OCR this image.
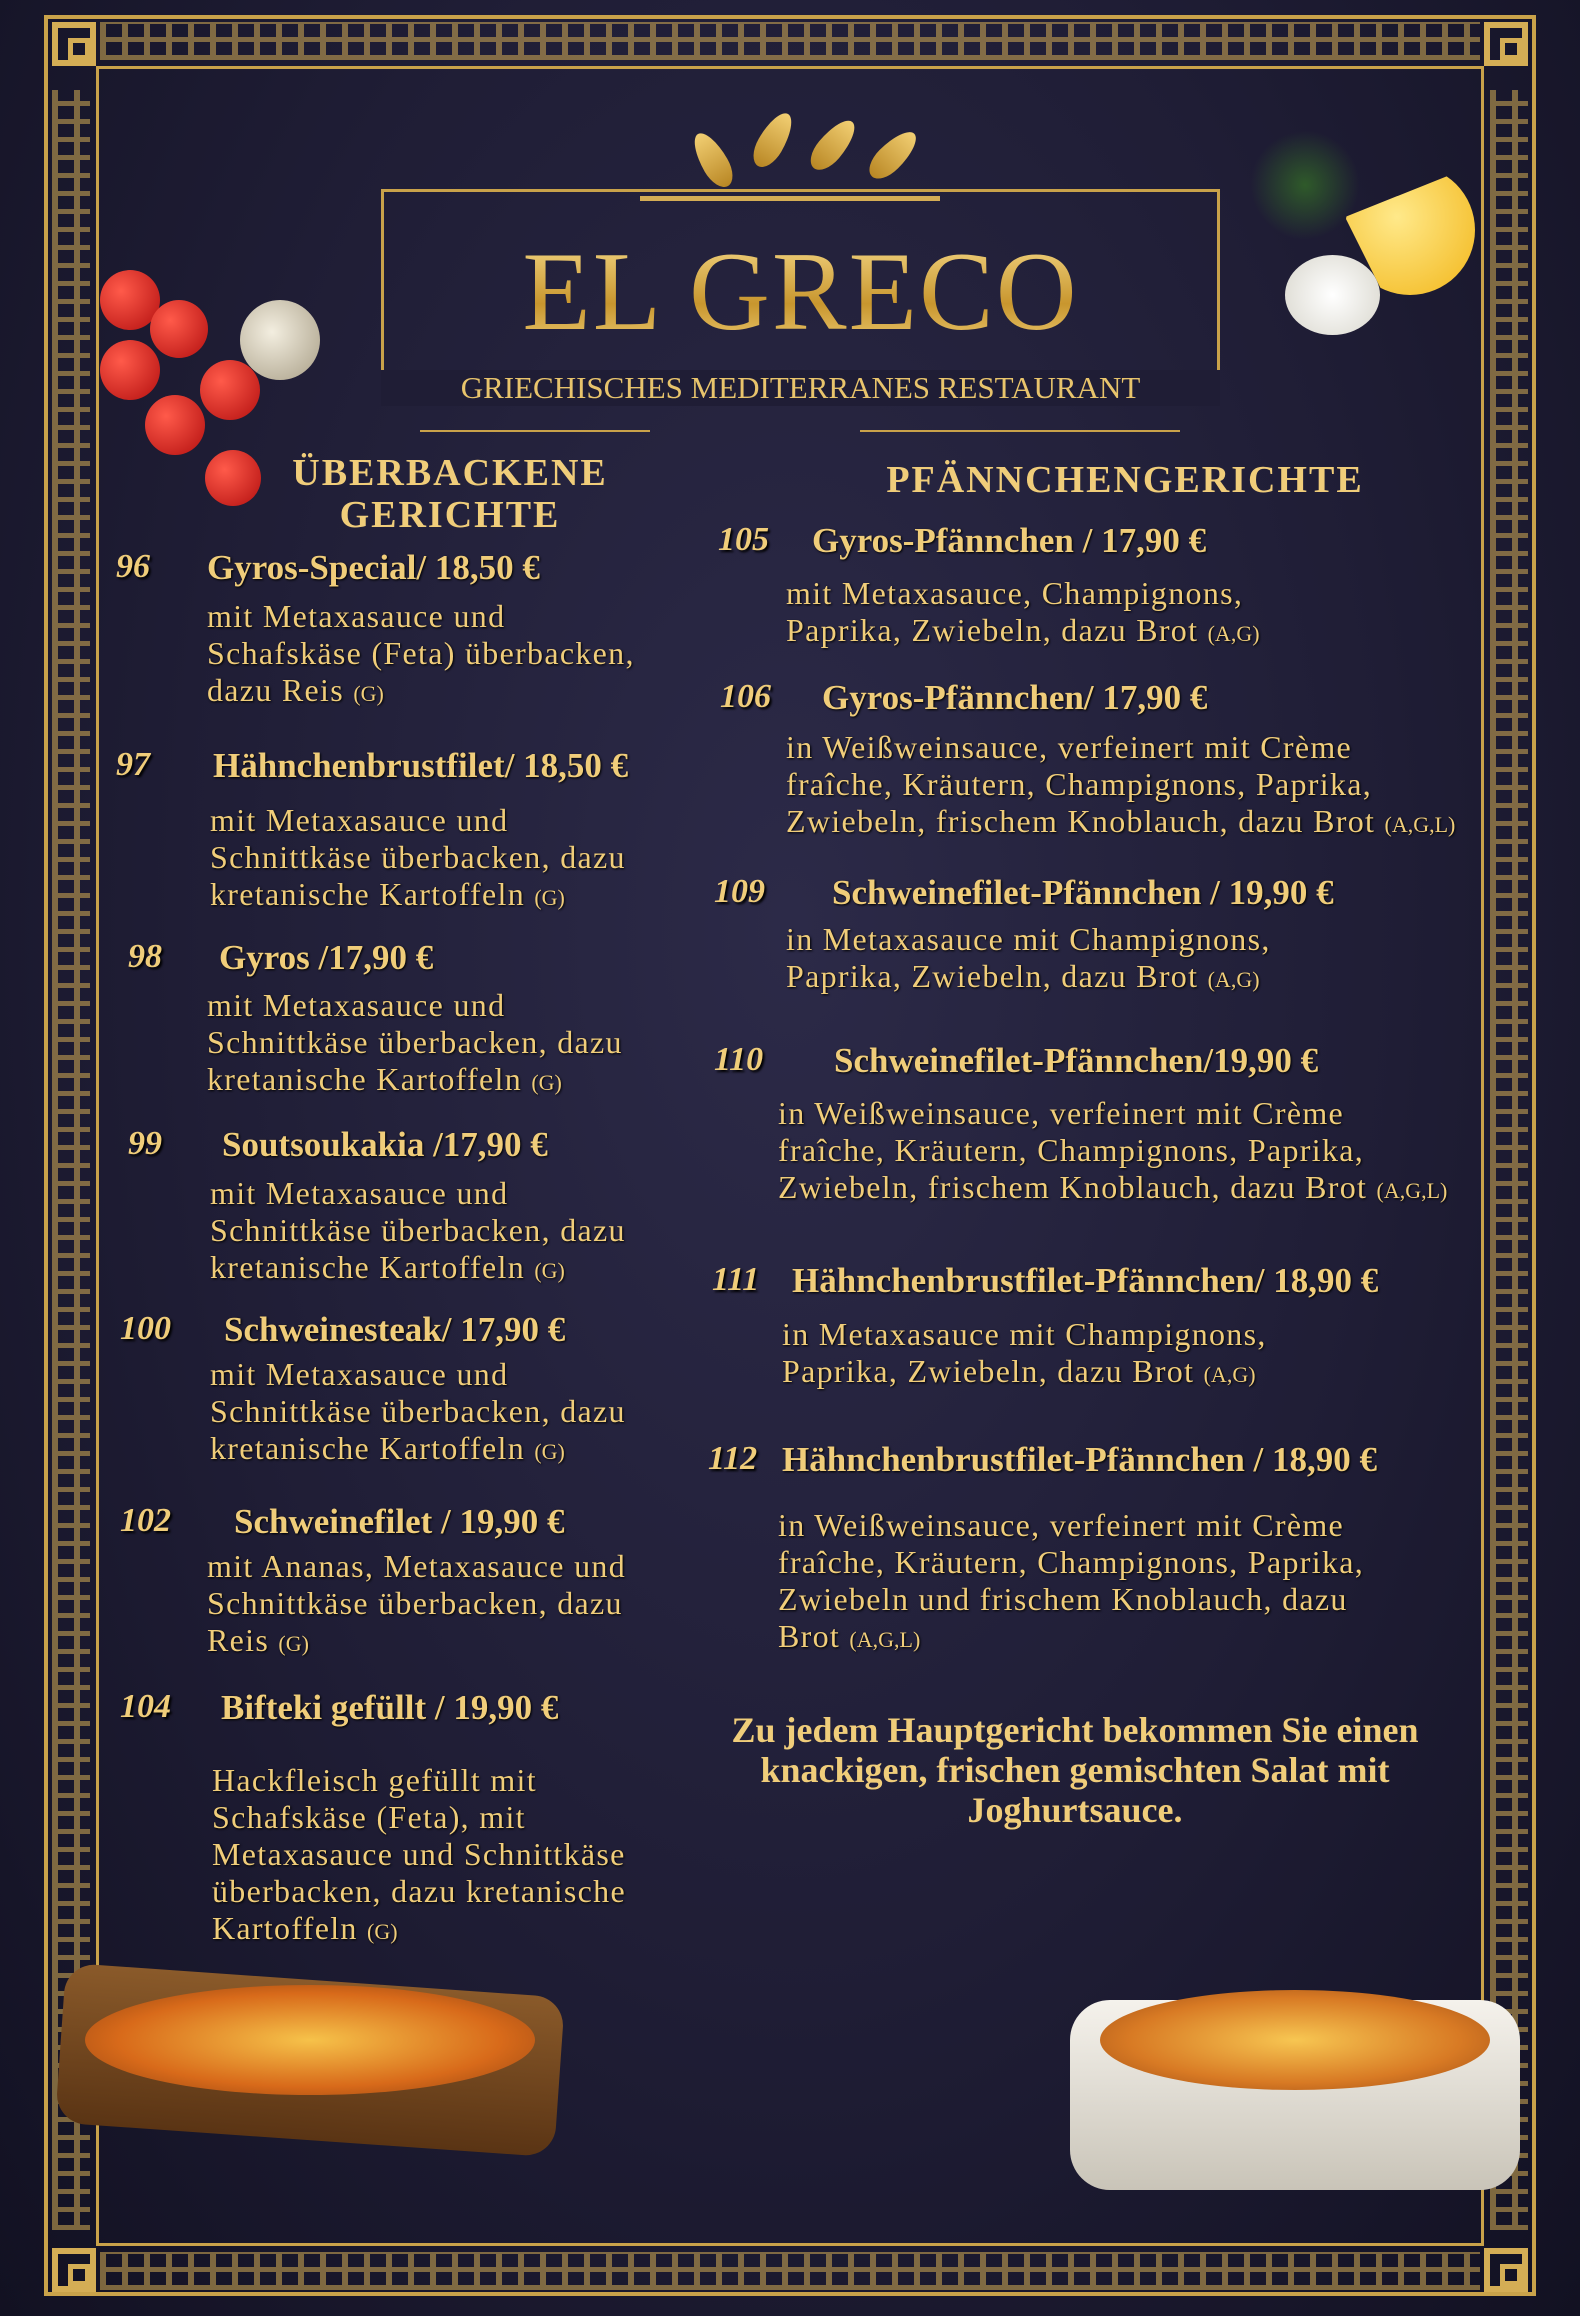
EL GRECO
GRIECHISCHES MEDITERRANES RESTAURANT
ÜBERBACKENE
GERICHTE
PFÄNNCHENGERICHTE
96 Gyros-Special/ 18,50 €
mit Metaxasauce und
Schafskäse (Feta) überbacken,
dazu Reis (G)
97 Hähnchenbrustfilet/ 18,50 €
mit Metaxasauce und
Schnittkäse überbacken, dazu
kretanische Kartoffeln (G)
98 Gyros /17,90 €
mit Metaxasauce und
Schnittkäse überbacken, dazu
kretanische Kartoffeln (G)
99 Soutsoukakia /17,90 €
mit Metaxasauce und
Schnittkäse überbacken, dazu
kretanische Kartoffeln (G)
100 Schweinesteak/ 17,90 €
mit Metaxasauce und
Schnittkäse überbacken, dazu
kretanische Kartoffeln (G)
102 Schweinefilet / 19,90 €
mit Ananas, Metaxasauce und
Schnittkäse überbacken, dazu
Reis (G)
104 Bifteki gefüllt / 19,90 €
Hackfleisch gefüllt mit
Schafskäse (Feta), mit
Metaxasauce und Schnittkäse
überbacken, dazu kretanische
Kartoffeln (G)
105 Gyros-Pfännchen / 17,90 €
mit Metaxasauce, Champignons,
Paprika, Zwiebeln, dazu Brot (A,G)
106 Gyros-Pfännchen/ 17,90 €
in Weißweinsauce, verfeinert mit Crème
fraîche, Kräutern, Champignons, Paprika,
Zwiebeln, frischem Knoblauch, dazu Brot (A,G,L)
109 Schweinefilet-Pfännchen / 19,90 €
in Metaxasauce mit Champignons,
Paprika, Zwiebeln, dazu Brot (A,G)
110 Schweinefilet-Pfännchen/19,90 €
in Weißweinsauce, verfeinert mit Crème
fraîche, Kräutern, Champignons, Paprika,
Zwiebeln, frischem Knoblauch, dazu Brot (A,G,L)
111 Hähnchenbrustfilet-Pfännchen/ 18,90 €
in Metaxasauce mit Champignons,
Paprika, Zwiebeln, dazu Brot (A,G)
112 Hähnchenbrustfilet-Pfännchen / 18,90 €
in Weißweinsauce, verfeinert mit Crème
fraîche, Kräutern, Champignons, Paprika,
Zwiebeln und frischem Knoblauch, dazu
Brot (A,G,L)
Zu jedem Hauptgericht bekommen Sie einen knackigen, frischen gemischten Salat mit Joghurtsauce.
